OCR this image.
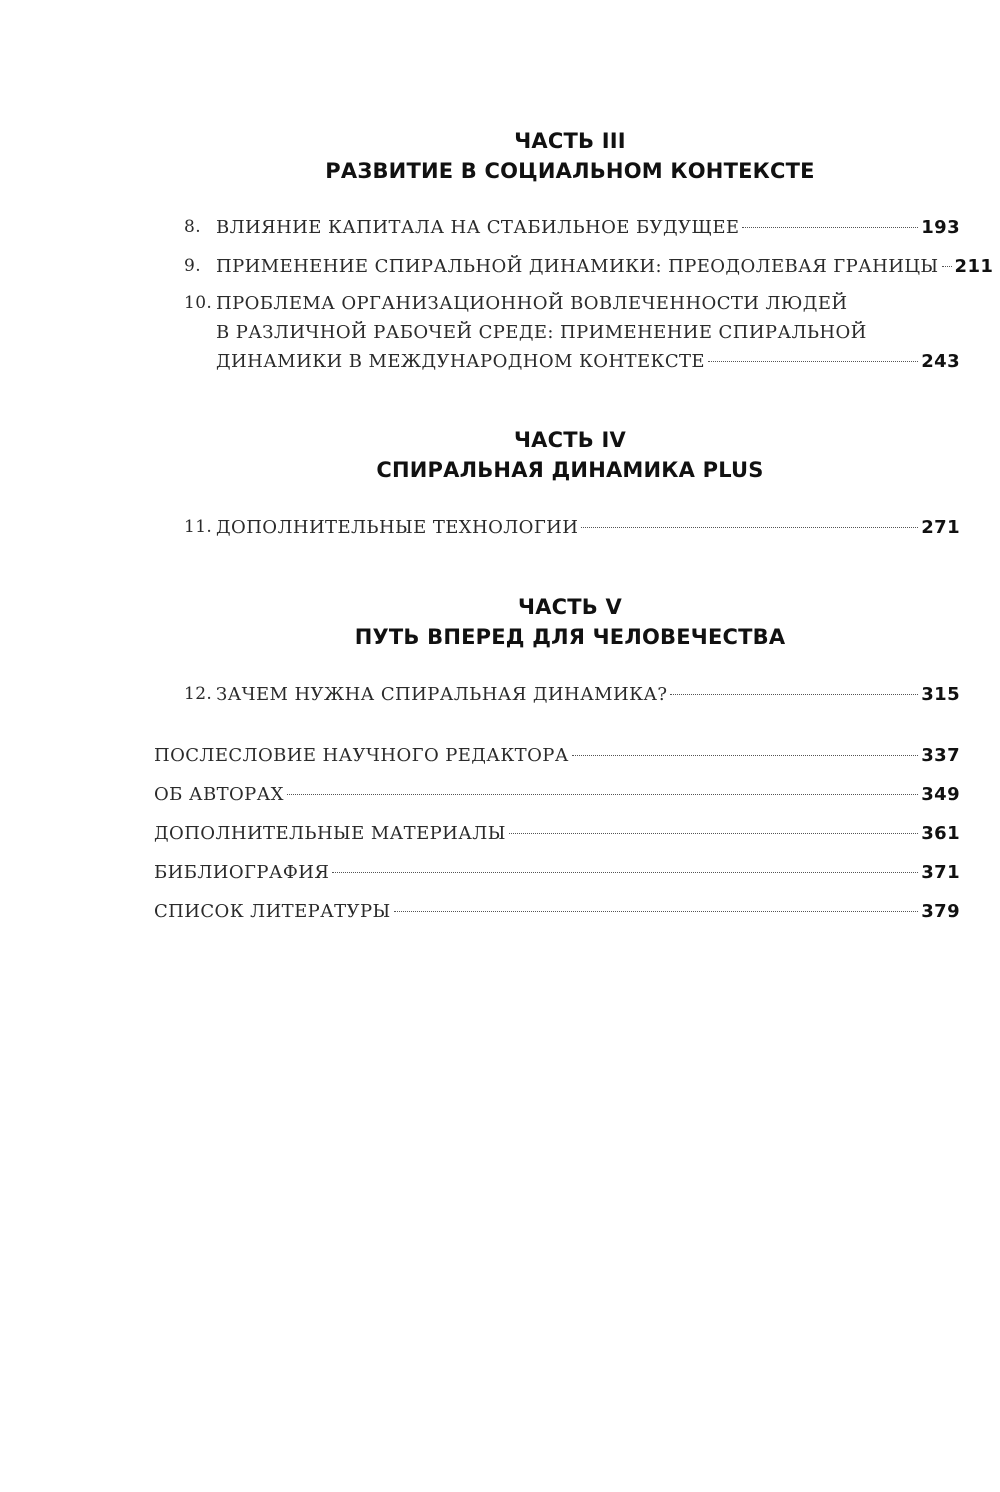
ЧАСТЬ III
РАЗВИТИЕ В СОЦИАЛЬНОМ КОНТЕКСТЕ
8. ВЛИЯНИЕ КАПИТАЛА НА СТАБИЛЬНОЕ БУДУЩЕЕ	193
9. ПРИМЕНЕНИЕ СПИРАЛЬНОЙ ДИНАМИКИ: ПРЕОДОЛЕВАЯ ГРАНИЦЫ 211
10. ПРОБЛЕМА ОРГАНИЗАЦИОННОЙ ВОВЛЕЧЕННОСТИ ЛЮДЕЙ
В РАЗЛИЧНОЙ РАБОЧЕЙ СРЕДЕ: ПРИМЕНЕНИЕ СПИРАЛЬНОЙ
ДИНАМИКИ В МЕЖДУНАРОДНОМ КОНТЕКСТЕ	243
ЧАСТЬ IV
СПИРАЛЬНАЯ ДИНАМИКА PLUS
11. ДОПОЛНИТЕЛЬНЫЕ ТЕХНОЛОГИИ	271
ЧАСТЬ V
ПУТЬ ВПЕРЕД ДЛЯ ЧЕЛОВЕЧЕСТВА
12. ЗАЧЕМ НУЖНА СПИРАЛЬНАЯ ДИНАМИКА?	315
ПОСЛЕСЛОВИЕ НАУЧНОГО РЕДАКТОРА	337
ОБ АВТОРАХ	349
ДОПОЛНИТЕЛЬНЫЕ МАТЕРИАЛЫ	361
БИБЛИОГРАФИЯ	371
СПИСОК ЛИТЕРАТУРЫ	379
